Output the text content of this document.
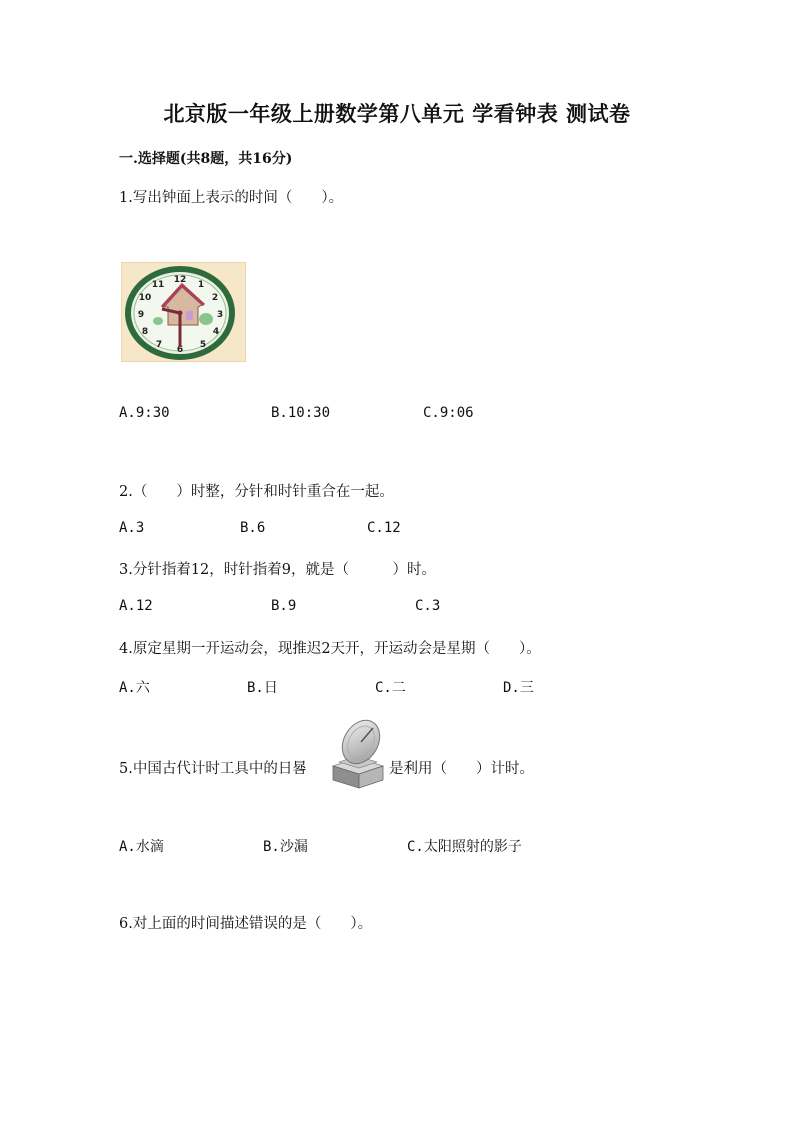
北京版一年级上册数学第八单元 学看钟表 测试卷
一.选择题(共8题，共16分)
1.写出钟面上表示的时间（　　）。
12 1
2
3
4
5
6
7
8
9
10
11
A.9:30	B.10:30	C.9:06
2.（　　）时整，分针和时针重合在一起。
A.3	B.6	C.12
3.分针指着12，时针指着9，就是（　　　）时。
A.12	B.9	C.3
4.原定星期一开运动会，现推迟2天开，开运动会是星期（　　）。
A.六	B.日	C.二	D.三
5.中国古代计时工具中的日晷	是利用（　　）计时。
A.水滴	B.沙漏	C.太阳照射的影子
6.对上面的时间描述错误的是（　　）。
